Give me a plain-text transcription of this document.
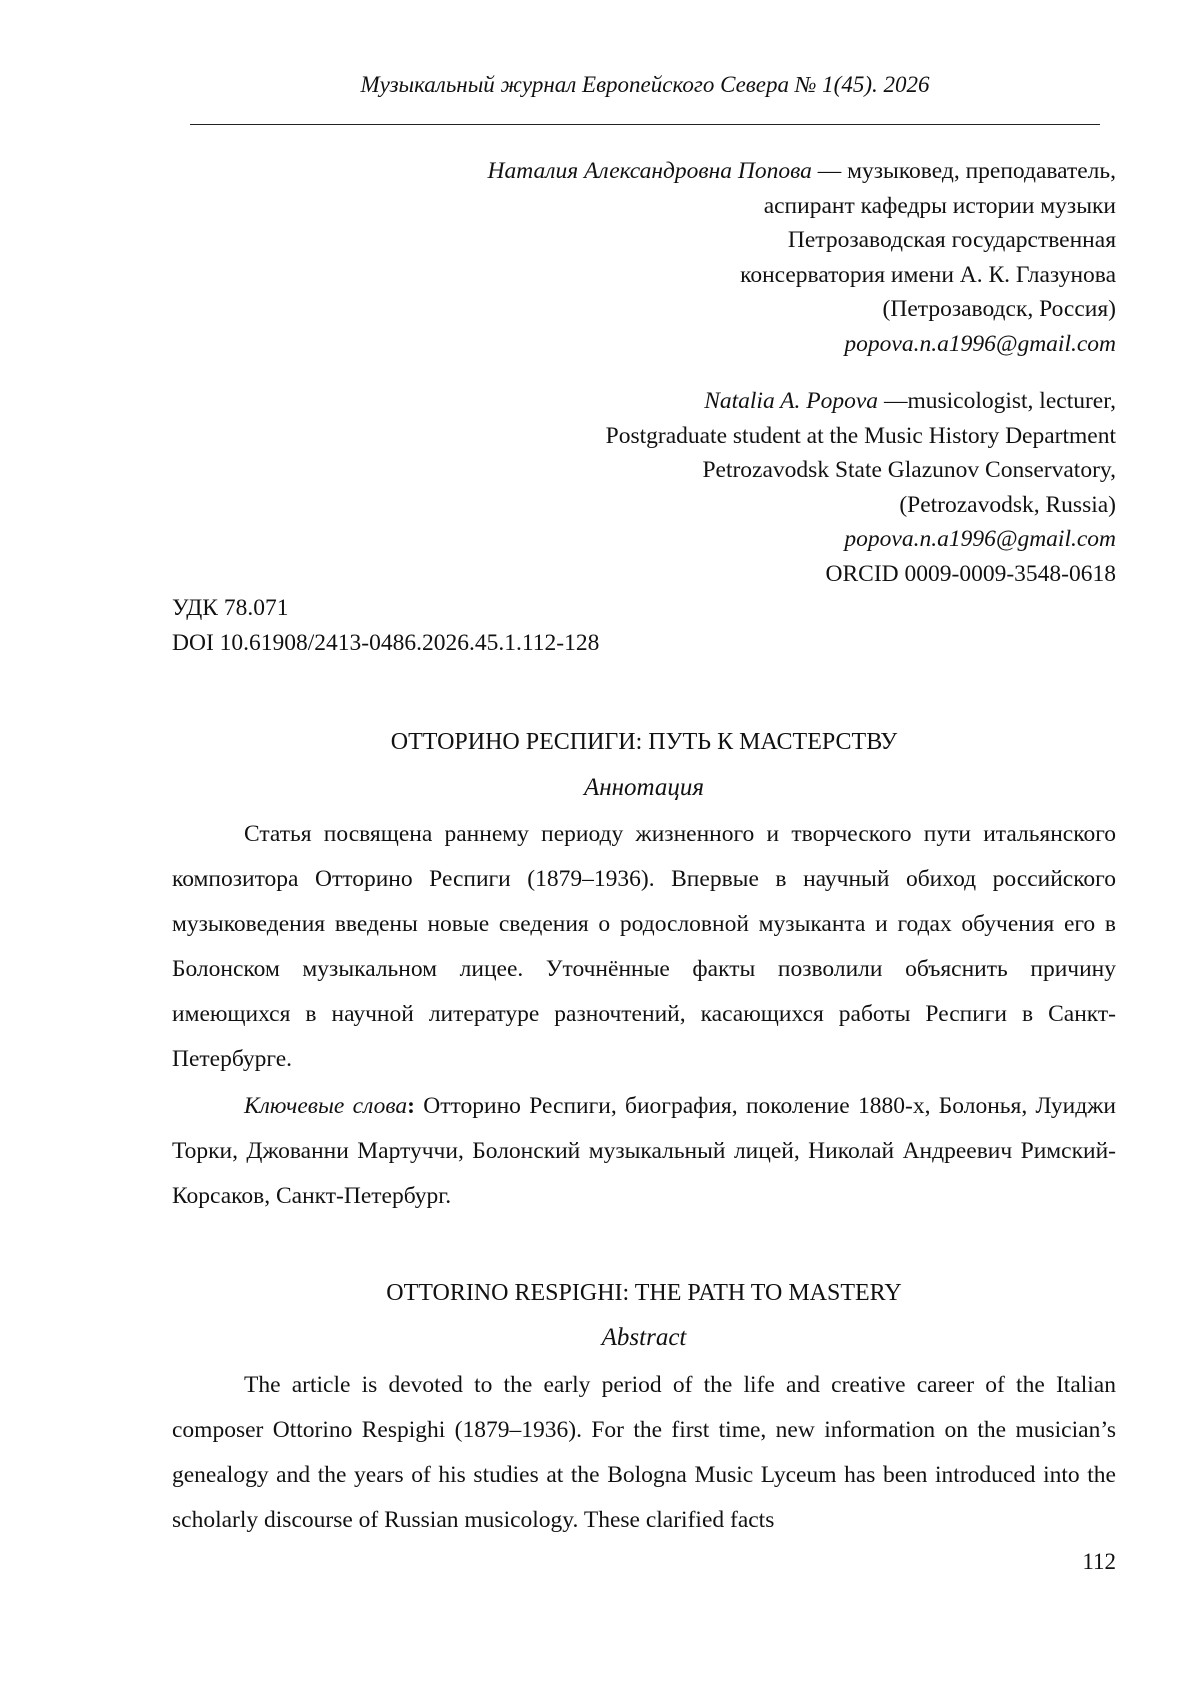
Музыкальный журнал Европейского Севера № 1(45). 2026
Наталия Александровна Попова — музыковед, преподаватель,
аспирант кафедры истории музыки
Петрозаводская государственная
консерватория имени А. К. Глазунова
(Петрозаводск, Россия)
popova.n.a1996@gmail.com
Natalia A. Popova —musicologist, lecturer,
Postgraduate student at the Music History Department
Petrozavodsk State Glazunov Conservatory,
(Petrozavodsk, Russia)
popova.n.a1996@gmail.com
ORCID 0009-0009-3548-0618
УДК 78.071
DOI 10.61908/2413-0486.2026.45.1.112-128
ОТТОРИНО РЕСПИГИ: ПУТЬ К МАСТЕРСТВУ
Аннотация

Статья посвящена раннему периоду жизненного и творческого пути итальянского композитора Отторино Респиги (1879–1936). Впервые в научный обиход российского музыковедения введены новые сведения о родословной музыканта и годах обучения его в Болонском музыкальном лицее. Уточнённые факты позволили объяснить причину имеющихся в научной литературе разночтений, касающихся работы Респиги в Санкт-Петербурге.

Ключевые слова: Отторино Респиги, биография, поколение 1880-х, Болонья, Луиджи Торки, Джованни Мартуччи, Болонский музыкальный лицей, Николай Андреевич Римский-Корсаков, Санкт-Петербург.

OTTORINO RESPIGHI: THE PATH TO MASTERY
Abstract

The article is devoted to the early period of the life and creative career of the Italian composer Ottorino Respighi (1879–1936). For the first time, new information on the musician’s genealogy and the years of his studies at the Bologna Music Lyceum has been introduced into the scholarly discourse of Russian musicology. These clarified facts

112
